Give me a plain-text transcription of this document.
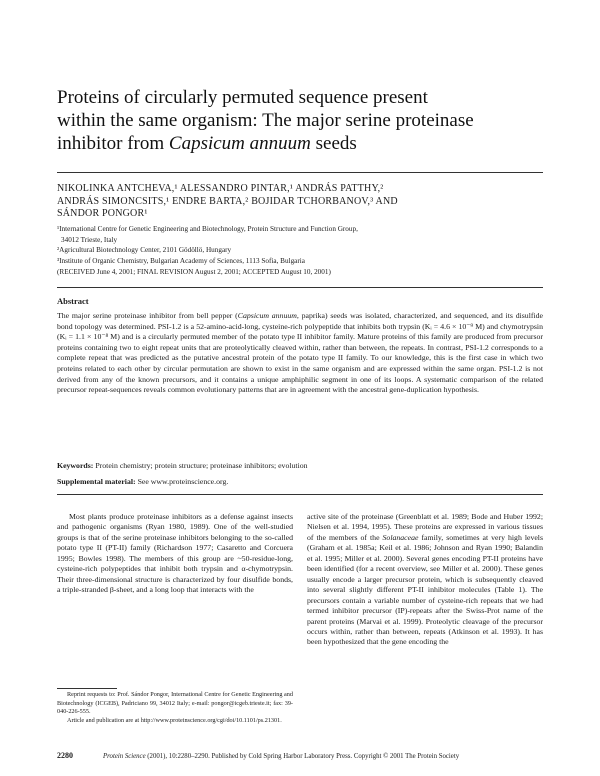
Proteins of circularly permuted sequence present
within the same organism: The major serine proteinase
inhibitor from Capsicum annuum seeds
NIKOLINKA ANTCHEVA,¹ ALESSANDRO PINTAR,¹ ANDRÁS PATTHY,²
ANDRÁS SIMONCSITS,¹ ENDRE BARTA,² BOJIDAR TCHORBANOV,³ AND
SÁNDOR PONGOR¹
¹International Centre for Genetic Engineering and Biotechnology, Protein Structure and Function Group,
34012 Trieste, Italy
²Agricultural Biotechnology Center, 2101 Gödöllö, Hungary
³Institute of Organic Chemistry, Bulgarian Academy of Sciences, 1113 Sofia, Bulgaria
(RECEIVED June 4, 2001; FINAL REVISION August 2, 2001; ACCEPTED August 10, 2001)
Abstract
The major serine proteinase inhibitor from bell pepper (Capsicum annuum, paprika) seeds was isolated, characterized, and sequenced, and its disulfide bond topology was determined. PSI-1.2 is a 52-amino-acid-long, cysteine-rich polypeptide that inhibits both trypsin (Kᵢ = 4.6 × 10⁻⁹ M) and chymotrypsin (Kᵢ = 1.1 × 10⁻⁸ M) and is a circularly permuted member of the potato type II inhibitor family. Mature proteins of this family are produced from precursor proteins containing two to eight repeat units that are proteolytically cleaved within, rather than between, the repeats. In contrast, PSI-1.2 corresponds to a complete repeat that was predicted as the putative ancestral protein of the potato type II family. To our knowledge, this is the first case in which two proteins related to each other by circular permutation are shown to exist in the same organism and are expressed within the same organ. PSI-1.2 is not derived from any of the known precursors, and it contains a unique amphiphilic segment in one of its loops. A systematic comparison of the related precursor repeat-sequences reveals common evolutionary patterns that are in agreement with the ancestral gene-duplication hypothesis.
Keywords: Protein chemistry; protein structure; proteinase inhibitors; evolution
Supplemental material: See www.proteinscience.org.

Most plants produce proteinase inhibitors as a defense against insects and pathogenic organisms (Ryan 1980, 1989). One of the well-studied groups is that of the serine proteinase inhibitors belonging to the so-called potato type II (PT-II) family (Richardson 1977; Casaretto and Corcuera 1995; Bowles 1998). The members of this group are ~50-residue-long, cysteine-rich polypeptides that inhibit both trypsin and α-chymotrypsin. Their three-dimensional structure is characterized by four disulfide bonds, a triple-stranded β-sheet, and a long loop that interacts with the

active site of the proteinase (Greenblatt et al. 1989; Bode and Huber 1992; Nielsen et al. 1994, 1995). These proteins are expressed in various tissues of the members of the Solanaceae family, sometimes at very high levels (Graham et al. 1985a; Keil et al. 1986; Johnson and Ryan 1990; Balandin et al. 1995; Miller et al. 2000). Several genes encoding PT-II proteins have been identified (for a recent overview, see Miller et al. 2000). These genes usually encode a larger precursor protein, which is subsequently cleaved into several slightly different PT-II inhibitor molecules (Table 1). The precursors contain a variable number of cysteine-rich repeats that we had termed inhibitor precursor (IP)-repeats after the Swiss-Prot name of the parent proteins (Marvai et al. 1999). Proteolytic cleavage of the precursor occurs within, rather than between, repeats (Atkinson et al. 1993). It has been hypothesized that the gene encoding the

Reprint requests to: Prof. Sándor Pongor, International Centre for Genetic Engineering and Biotechnology (ICGEB), Padriciano 99, 34012 Italy; e-mail: pongor@icgeb.trieste.it; fax: 39-040-226-555.

Article and publication are at http://www.proteinscience.org/cgi/doi/10.1101/ps.21301.

2280	Protein Science (2001), 10:2280–2290. Published by Cold Spring Harbor Laboratory Press. Copyright © 2001 The Protein Society
